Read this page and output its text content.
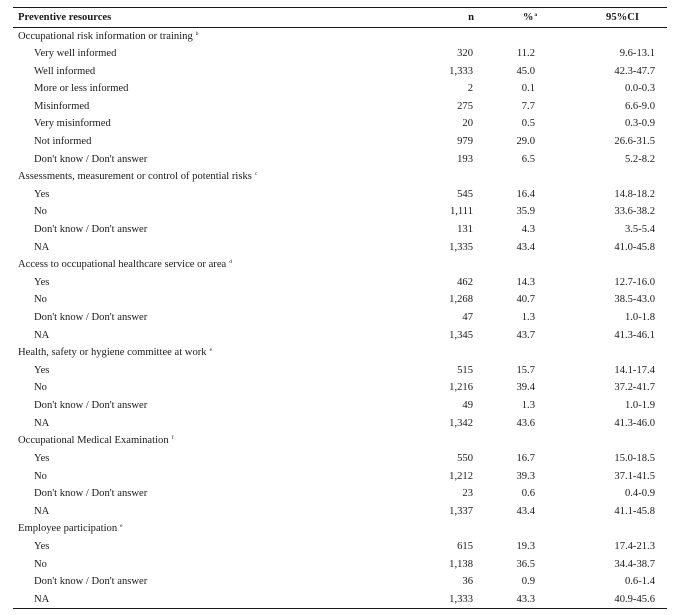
Preventive resources	n	%$^a$	95%CI
Occupational risk information or training $^b$			
Very well informed	320	11.2	9.6-13.1
Well informed	1,333	45.0	42.3-47.7
More or less informed	2	0.1	0.0-0.3
Misinformed	275	7.7	6.6-9.0
Very misinformed	20	0.5	0.3-0.9
Not informed	979	29.0	26.6-31.5
Don't know / Don't answer	193	6.5	5.2-8.2
Assessments, measurement or control of potential risks $^c$			
Yes	545	16.4	14.8-18.2
No	1,111	35.9	33.6-38.2
Don't know / Don't answer	131	4.3	3.5-5.4
NA	1,335	43.4	41.0-45.8
Access to occupational healthcare service or area $^d$			
Yes	462	14.3	12.7-16.0
No	1,268	40.7	38.5-43.0
Don't know / Don't answer	47	1.3	1.0-1.8
NA	1,345	43.7	41.3-46.1
Health, safety or hygiene committee at work $^e$			
Yes	515	15.7	14.1-17.4
No	1,216	39.4	37.2-41.7
Don't know / Don't answer	49	1.3	1.0-1.9
NA	1,342	43.6	41.3-46.0
Occupational Medical Examination $^f$			
Yes	550	16.7	15.0-18.5
No	1,212	39.3	37.1-41.5
Don't know / Don't answer	23	0.6	0.4-0.9
NA	1,337	43.4	41.1-45.8
Employee participation $^e$			
Yes	615	19.3	17.4-21.3
No	1,138	36.5	34.4-38.7
Don't know / Don't answer	36	0.9	0.6-1.4
NA	1,333	43.3	40.9-45.6
